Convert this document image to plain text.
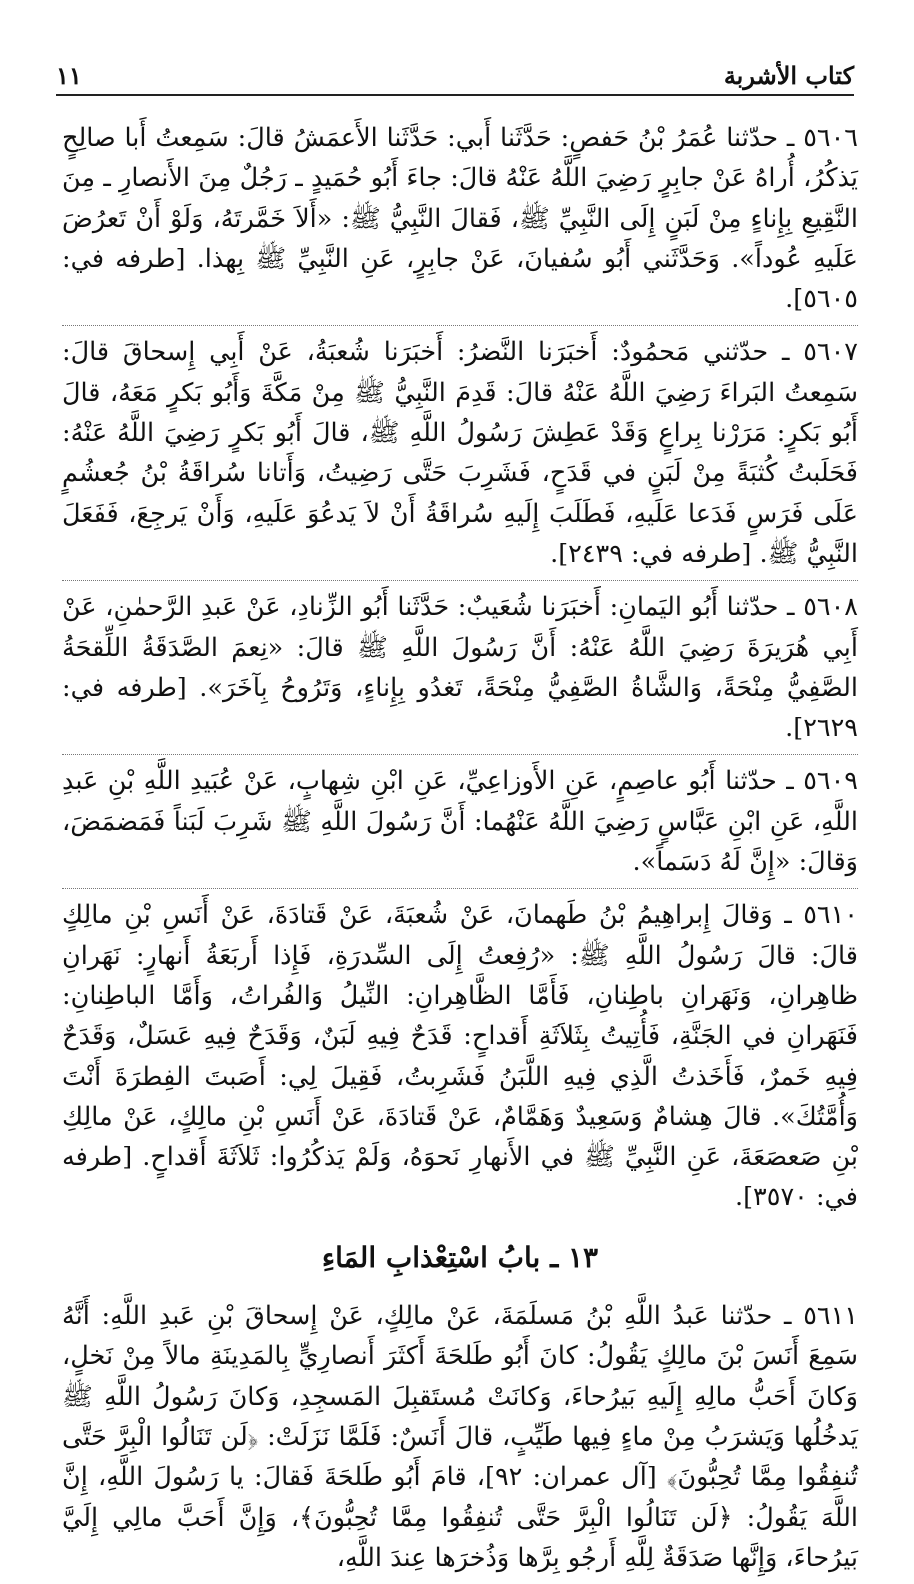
كتاب الأشربة
١١

٥٦٠٦ ـ حدّثنا عُمَرُ بْنُ حَفصٍ: حَدَّثَنا أَبي: حَدَّثَنا الأَعمَشُ قالَ: سَمِعتُ أَبا صالِحٍ يَذكُرُ، أُراهُ عَنْ جابِرٍ رَضِيَ اللَّهُ عَنْهُ قالَ: جاءَ أَبُو حُمَيدٍ ـ رَجُلٌ مِنَ الأَنصارِ ـ مِنَ النَّقِيعِ بِإِناءٍ مِنْ لَبَنٍ إِلَى النَّبِيِّ ﷺ، فَقالَ النَّبِيُّ ﷺ: «أَلاَ خَمَّرتَهُ، وَلَوْ أَنْ تَعرُضَ عَلَيهِ عُوداً». وَحَدَّثَني أَبُو سُفيانَ، عَنْ جابِرٍ، عَنِ النَّبِيِّ ﷺ بِهذا. [طرفه في: ٥٦٠٥].

٥٦٠٧ ـ حدّثني مَحمُودٌ: أَخبَرَنا النَّضرُ: أَخبَرَنا شُعبَةُ، عَنْ أَبِي إِسحاقَ قالَ: سَمِعتُ البَراءَ رَضِيَ اللَّهُ عَنْهُ قالَ: قَدِمَ النَّبِيُّ ﷺ مِنْ مَكَّةَ وَأَبُو بَكرٍ مَعَهُ، قالَ أَبُو بَكرٍ: مَرَرْنا بِراعٍ وَقَدْ عَطِشَ رَسُولُ اللَّهِ ﷺ، قالَ أَبُو بَكرٍ رَضِيَ اللَّهُ عَنْهُ: فَحَلَبتُ كُثبَةً مِنْ لَبَنٍ في قَدَحٍ، فَشَرِبَ حَتَّى رَضِيتُ، وَأَتانا سُراقَةُ بْنُ جُعشُمٍ عَلَى فَرَسٍ فَدَعا عَلَيهِ، فَطَلَبَ إِلَيهِ سُراقَةُ أَنْ لاَ يَدعُوَ عَلَيهِ، وَأَنْ يَرجِعَ، فَفَعَلَ النَّبِيُّ ﷺ. [طرفه في: ٢٤٣٩].

٥٦٠٨ ـ حدّثنا أَبُو اليَمانِ: أَخبَرَنا شُعَيبٌ: حَدَّثَنا أَبُو الزِّنادِ، عَنْ عَبدِ الرَّحمٰنِ، عَنْ أَبِي هُرَيرَةَ رَضِيَ اللَّهُ عَنْهُ: أَنَّ رَسُولَ اللَّهِ ﷺ قالَ: «نِعمَ الصَّدَقَةُ اللِّقحَةُ الصَّفِيُّ مِنْحَةً، وَالشَّاةُ الصَّفِيُّ مِنْحَةً، تَغدُو بِإِناءٍ، وَتَرُوحُ بِآخَرَ». [طرفه في: ٢٦٢٩].

٥٦٠٩ ـ حدّثنا أَبُو عاصِمٍ، عَنِ الأَوزاعِيِّ، عَنِ ابْنِ شِهابٍ، عَنْ عُبَيدِ اللَّهِ بْنِ عَبدِ اللَّهِ، عَنِ ابْنِ عَبَّاسٍ رَضِيَ اللَّهُ عَنْهُما: أَنَّ رَسُولَ اللَّهِ ﷺ شَرِبَ لَبَناً فَمَضمَضَ، وَقالَ: «إِنَّ لَهُ دَسَماً».

٥٦١٠ ـ وَقالَ إِبراهِيمُ بْنُ طَهمانَ، عَنْ شُعبَةَ، عَنْ قَتادَةَ، عَنْ أَنَسِ بْنِ مالِكٍ قالَ: قالَ رَسُولُ اللَّهِ ﷺ: «رُفِعتُ إِلَى السِّدرَةِ، فَإِذا أَربَعَةُ أَنهارٍ: نَهَرانِ ظاهِرانِ، وَنَهَرانِ باطِنانِ، فَأَمَّا الظَّاهِرانِ: النِّيلُ وَالفُراتُ، وَأَمَّا الباطِنانِ: فَنَهَرانِ في الجَنَّةِ، فَأُتِيتُ بِثَلاَثَةِ أَقداحٍ: قَدَحٌ فِيهِ لَبَنٌ، وَقَدَحٌ فِيهِ عَسَلٌ، وَقَدَحٌ فِيهِ خَمرٌ، فَأَخَذتُ الَّذِي فِيهِ اللَّبَنُ فَشَرِبتُ، فَقِيلَ لِي: أَصَبتَ الفِطرَةَ أَنْتَ وَأُمَّتُكَ». قالَ هِشامٌ وَسَعِيدٌ وَهَمَّامٌ، عَنْ قَتادَةَ، عَنْ أَنَسِ بْنِ مالِكٍ، عَنْ مالِكِ بْنِ صَعصَعَةَ، عَنِ النَّبِيِّ ﷺ في الأَنهارِ نَحوَهُ، وَلَمْ يَذكُرُوا: ثَلاَثَةَ أَقداحٍ. [طرفه في: ٣٥٧٠].

١٣ ـ بابُ اسْتِعْذابِ المَاءِ

٥٦١١ ـ حدّثنا عَبدُ اللَّهِ بْنُ مَسلَمَةَ، عَنْ مالِكٍ، عَنْ إِسحاقَ بْنِ عَبدِ اللَّهِ: أَنَّهُ سَمِعَ أَنَسَ بْنَ مالِكٍ يَقُولُ: كانَ أَبُو طَلحَةَ أَكثَرَ أَنصارِيٍّ بِالمَدِينَةِ مالاً مِنْ نَخلٍ، وَكانَ أَحَبُّ مالِهِ إِلَيهِ بَيرُحاءَ، وَكانَتْ مُستَقبِلَ المَسجِدِ، وَكانَ رَسُولُ اللَّهِ ﷺ يَدخُلُها وَيَشرَبُ مِنْ ماءٍ فِيها طَيِّبٍ، قالَ أَنَسٌ: فَلَمَّا نَزَلَتْ: ﴿لَن تَنَالُوا الْبِرَّ حَتَّى تُنفِقُوا مِمَّا تُحِبُّونَ﴾ [آل عمران: ٩٢]، قامَ أَبُو طَلحَةَ فَقالَ: يا رَسُولَ اللَّهِ، إِنَّ اللَّهَ يَقُولُ: ﴿لَن تَنَالُوا الْبِرَّ حَتَّى تُنفِقُوا مِمَّا تُحِبُّونَ﴾، وَإِنَّ أَحَبَّ مالِي إِلَيَّ بَيرُحاءَ، وَإِنَّها صَدَقَةٌ لِلَّهِ أَرجُو بِرَّها وَذُخرَها عِندَ اللَّهِ،
